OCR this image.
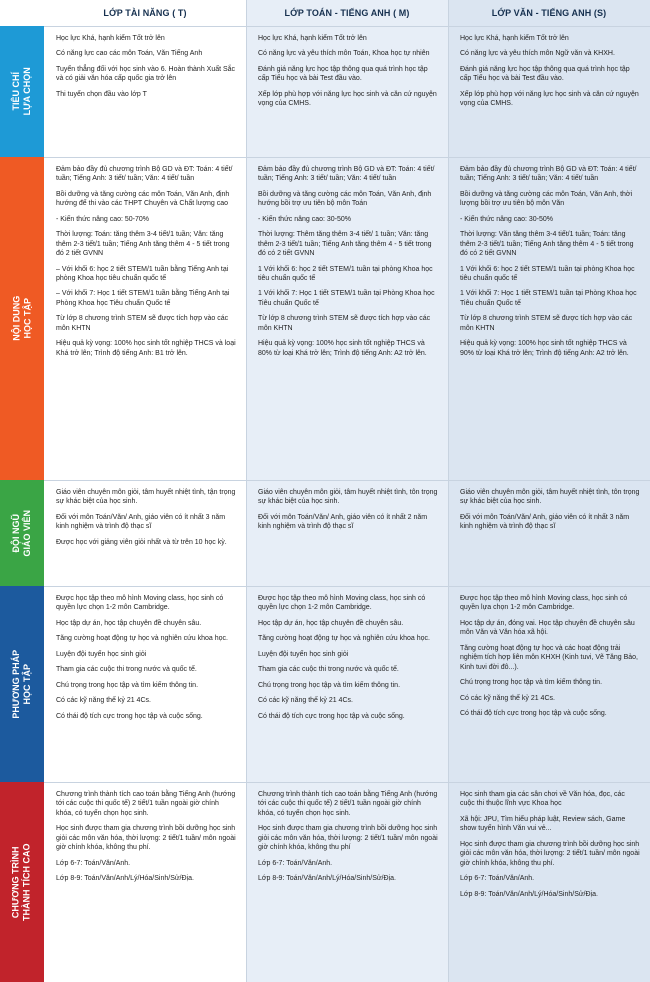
LỚP TÀI NĂNG ( T)	LỚP TOÁN - TIẾNG ANH ( M)	LỚP VĂN - TIẾNG ANH (S)
TIÊU CHÍ
LỰA CHỌN

Học lực Khá, hạnh kiểm Tốt trở lên

Có năng lực cao các môn Toán, Văn Tiếng Anh

Tuyển thẳng đối với học sinh vào 6. Hoàn thành Xuất Sắc và có giải văn hóa cấp quốc gia trở lên

Thi tuyển chọn đầu vào lớp T

Học lực Khá, hạnh kiểm Tốt trở lên

Có năng lực và yêu thích môn Toán, Khoa học tự nhiên

Đánh giá năng lực học tập thông qua quá trình học tập cấp Tiểu học và bài Test đầu vào.

Xếp lớp phù hợp với năng lực học sinh và căn cứ nguyện vọng của CMHS.

Học lực Khá, hạnh kiểm Tốt trở lên

Có năng lực và yêu thích môn Ngữ văn và KHXH.

Đánh giá năng lực học tập thông qua quá trình học tập cấp Tiểu học và bài Test đầu vào.

Xếp lớp phù hợp với năng lực học sinh và căn cứ nguyện vọng của CMHS.

NỘI DUNG
HỌC TẬP

Đảm bảo đầy đủ chương trình Bộ GD và ĐT: Toán: 4 tiết/ tuần; Tiếng Anh: 3 tiết/ tuần; Văn: 4 tiết/ tuần

Bồi dưỡng và tăng cường các môn Toán, Văn Anh, định hướng để thi vào các THPT Chuyên và Chất lượng cao

- Kiến thức nâng cao: 50-70%

Thời lượng: Toán: tăng thêm 3-4 tiết/1 tuần; Văn: tăng thêm 2-3 tiết/1 tuần; Tiếng Anh tăng thêm 4 - 5 tiết trong đó 2 tiết GVNN

– Với khối 6: học 2 tiết STEM/1 tuần bằng Tiếng Anh tại phòng Khoa học tiêu chuẩn quốc tế

– Với khối 7: Học 1 tiết STEM/1 tuần bằng Tiếng Anh tại Phòng Khoa học Tiêu chuẩn Quốc tế

Từ lớp 8 chương trình STEM sẽ được tích hợp vào các môn KHTN

Hiệu quả kỳ vọng: 100% học sinh tốt nghiệp THCS và loại Khá trở lên; Trình độ tiếng Anh: B1 trở lên.

Đảm bảo đầy đủ chương trình Bộ GD và ĐT: Toán: 4 tiết/ tuần; Tiếng Anh: 3 tiết/ tuần; Văn: 4 tiết/ tuần

Bồi dưỡng và tăng cường các môn Toán, Văn Anh, định hướng bồi trợ ưu tiên bộ môn Toán

- Kiến thức nâng cao: 30-50%

Thời lượng: Thêm tăng thêm 3-4 tiết/ 1 tuần; Văn: tăng thêm 2-3 tiết/1 tuần; Tiếng Anh tăng thêm 4 - 5 tiết trong đó có 2 tiết GVNN

1 Với khối 6: học 2 tiết STEM/1 tuần tại phòng Khoa học tiêu chuẩn quốc tế

1 Với khối 7: Học 1 tiết STEM/1 tuần tại Phòng Khoa học Tiêu chuẩn Quốc tế

Từ lớp 8 chương trình STEM sẽ được tích hợp vào các môn KHTN

Hiệu quả kỳ vọng: 100% học sinh tốt nghiệp THCS và 80% từ loại Khá trở lên; Trình độ tiếng Anh: A2 trở lên.

Đảm bảo đầy đủ chương trình Bộ GD và ĐT: Toán: 4 tiết/ tuần; Tiếng Anh: 3 tiết/ tuần; Văn: 4 tiết/ tuần

Bồi dưỡng và tăng cường các môn Toán, Văn Anh, thời lượng bồi trợ ưu tiên bộ môn Văn

- Kiến thức nâng cao: 30-50%

Thời lượng: Văn tăng thêm 3-4 tiết/1 tuần; Toán: tăng thêm 2-3 tiết/1 tuần; Tiếng Anh tăng thêm 4 - 5 tiết trong đó có 2 tiết GVNN

1 Với khối 6: học 2 tiết STEM/1 tuần tại phòng Khoa học tiêu chuẩn quốc tế

1 Với khối 7: Học 1 tiết STEM/1 tuần tại Phòng Khoa học Tiêu chuẩn Quốc tế

Từ lớp 8 chương trình STEM sẽ được tích hợp vào các môn KHTN

Hiệu quả kỳ vọng: 100% học sinh tốt nghiệp THCS và 90% từ loại Khá trở lên; Trình độ tiếng Anh: A2 trở lên.

ĐỘI NGŨ
GIÁO VIÊN

Giáo viên chuyên môn giỏi, tâm huyết nhiệt tình, tận trọng sự khác biệt của học sinh.

Đối với môn Toán/Văn/ Anh, giáo viên có ít nhất 3 năm kinh nghiệm và trình độ thạc sĩ

Được học với giảng viên giỏi nhất và từ trên 10 học kỳ.

Giáo viên chuyên môn giỏi, tâm huyết nhiệt tình, tôn trọng sự khác biệt của học sinh.

Đối với môn Toán/Văn/ Anh, giáo viên có ít nhất 2 năm kinh nghiệm và trình độ thạc sĩ

Giáo viên chuyên môn giỏi, tâm huyết nhiệt tình, tôn trọng sự khác biệt của học sinh.

Đối với môn Toán/Văn/ Anh, giáo viên có ít nhất 3 năm kinh nghiệm và trình độ thạc sĩ

PHƯƠNG PHÁP
HỌC TẬP

Được học tập theo mô hình Moving class, học sinh có quyền lực chọn 1-2 môn Cambridge.

Học tập dự án, học tập chuyên đề chuyên sâu.

Tăng cường hoạt động tự học và nghiên cứu khoa học.

Luyện đội tuyển học sinh giỏi

Tham gia các cuộc thi trong nước và quốc tế.

Chú trọng trong học tập và tìm kiếm thông tin.

Có các kỹ năng thế kỷ 21 4Cs.

Có thái độ tích cực trong học tập và cuộc sống.

Được học tập theo mô hình Moving class, học sinh có quyền lực chọn 1-2 môn Cambridge.

Học tập dự án, học tập chuyên đề chuyên sâu.

Tăng cường hoạt động tự học và nghiên cứu khoa học.

Luyện đội tuyển học sinh giỏi

Tham gia các cuộc thi trong nước và quốc tế.

Chú trọng trong học tập và tìm kiếm thông tin.

Có các kỹ năng thế kỷ 21 4Cs.

Có thái độ tích cực trong học tập và cuộc sống.

Được học tập theo mô hình Moving class, học sinh có quyền lựa chọn 1-2 môn Cambridge.

Học tập dự án, đóng vai. Học tập chuyên đề chuyên sâu môn Văn và Văn hóa xã hội.

Tăng cường hoạt động tự học và các hoạt động trải nghiệm tích hợp liên môn KHXH (Kinh tuvi, Vẽ Tăng Bảo, Kinh tuvi đời đô...).

Chú trọng trong học tập và tìm kiếm thông tin.

Có các kỹ năng thế kỷ 21 4Cs.

Có thái độ tích cực trong học tập và cuộc sống.

CHƯƠNG TRÌNH
THÀNH TÍCH CAO

Chương trình thành tích cao toán bằng Tiếng Anh (hướng tới các cuộc thi quốc tế) 2 tiết/1 tuần ngoài giờ chính khóa, có tuyển chọn học sinh.

Học sinh được tham gia chương trình bồi dưỡng học sinh giỏi các môn văn hóa, thời lượng: 2 tiết/1 tuần/ môn ngoài giờ chính khóa, không thu phí.

Lớp 6-7: Toán/Văn/Anh.

Lớp 8-9: Toán/Văn/Anh/Lý/Hóa/Sinh/Sử/Địa.

Chương trình thành tích cao toán bằng Tiếng Anh (hướng tới các cuộc thi quốc tế) 2 tiết/1 tuần ngoài giờ chính khóa, có tuyển chọn học sinh.

Học sinh được tham gia chương trình bồi dưỡng học sinh giỏi các môn văn hóa, thời lượng: 2 tiết/1 tuần/ môn ngoài giờ chính khóa, không thu phí

Lớp 6-7: Toán/Văn/Anh.

Lớp 8-9: Toán/Văn/Anh/Lý/Hóa/Sinh/Sử/Địa.

Học sinh tham gia các sân chơi về Văn hóa, đọc, các cuộc thi thuộc lĩnh vực Khoa học

Xã hội: JPU, Tìm hiểu pháp luật, Review sách, Game show tuyển hình Văn vui vẻ...

Học sinh được tham gia chương trình bồi dưỡng học sinh giỏi các môn văn hóa, thời lượng: 2 tiết/1 tuần/ môn ngoài giờ chính khóa, không thu phí.

Lớp 6-7: Toán/Văn/Anh.

Lớp 8-9: Toán/Văn/Anh/Lý/Hóa/Sinh/Sử/Địa.
